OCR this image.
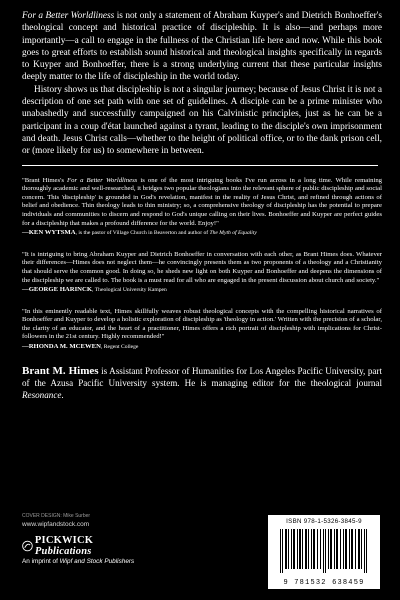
For a Better Worldliness is not only a statement of Abraham Kuyper's and Dietrich Bonhoeffer's theological concept and historical practice of discipleship. It is also—and perhaps more importantly—a call to engage in the fullness of the Christian life here and now. While this book goes to great efforts to establish sound historical and theological insights specifically in regards to Kuyper and Bonhoeffer, there is a strong underlying current that these particular insights deeply matter to the life of discipleship in the world today.

History shows us that discipleship is not a singular journey; because of Jesus Christ it is not a description of one set path with one set of guidelines. A disciple can be a prime minister who unabashedly and successfully campaigned on his Calvinistic principles, just as he can be a participant in a coup d'état launched against a tyrant, leading to the disciple's own imprisonment and death. Jesus Christ calls—whether to the height of political office, or to the dank prison cell, or (more likely for us) to somewhere in between.

"Brant Himes's For a Better Worldliness is one of the most intriguing books I've run across in a long time. While remaining thoroughly academic and well-researched, it bridges two popular theologians into the relevant sphere of public discipleship and social concern. This 'discipleship' is grounded in God's revelation, manifest in the reality of Jesus Christ, and refined through actions of belief and obedience. Thin theology leads to thin ministry; so, a comprehensive theology of discipleship has the potential to prepare individuals and communities to discern and respond to God's unique calling on their lives. Bonhoeffer and Kuyper are perfect guides for a discipleship that makes a profound difference for the world. Enjoy!"

—KEN WYTSMA, is the pastor of Village Church in Beaverton and author of The Myth of Equality

"It is intriguing to bring Abraham Kuyper and Dietrich Bonhoeffer in conversation with each other, as Brant Himes does. Whatever their differences—Himes does not neglect them—he convincingly presents them as two proponents of a theology and a Christianity that should serve the common good. In doing so, he sheds new light on both Kuyper and Bonhoeffer and deepens the dimensions of the discipleship we are called to. The book is a must read for all who are engaged in the present discussion about church and society."

—GEORGE HARINCK, Theological University Kampen

"In this eminently readable text, Himes skillfully weaves robust theological concepts with the compelling historical narratives of Bonhoeffer and Kuyper to develop a holistic exploration of discipleship as 'theology in action.' Written with the precision of a scholar, the clarity of an educator, and the heart of a practitioner, Himes offers a rich portrait of discipleship with implications for Christ-followers in the 21st century. Highly recommended!"

—RHONDA M. MCEWEN, Regent College

Brant M. Himes is Assistant Professor of Humanities for Los Angeles Pacific University, part of the Azusa Pacific University system. He is managing editor for the theological journal Resonance.

COVER DESIGN: Mike Surber
www.wipfandstock.com
PICKWICK Publications
An imprint of Wipf and Stock Publishers
ISBN 978-1-5326-3845-9
9 781532 638459
